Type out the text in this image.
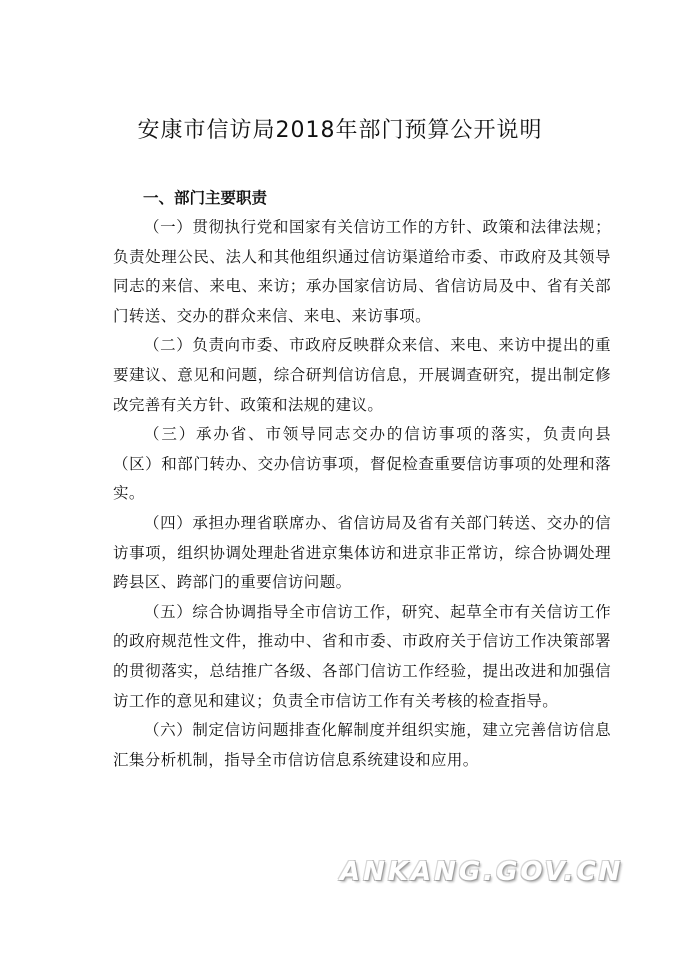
安康市信访局2018年部门预算公开说明
一、部门主要职责

（一）贯彻执行党和国家有关信访工作的方针、政策和法律法规；负责处理公民、法人和其他组织通过信访渠道给市委、市政府及其领导同志的来信、来电、来访；承办国家信访局、省信访局及中、省有关部门转送、交办的群众来信、来电、来访事项。

（二）负责向市委、市政府反映群众来信、来电、来访中提出的重要建议、意见和问题，综合研判信访信息，开展调查研究，提出制定修改完善有关方针、政策和法规的建议。

（三）承办省、市领导同志交办的信访事项的落实，负责向县（区）和部门转办、交办信访事项，督促检查重要信访事项的处理和落实。

（四）承担办理省联席办、省信访局及省有关部门转送、交办的信访事项，组织协调处理赴省进京集体访和进京非正常访，综合协调处理跨县区、跨部门的重要信访问题。

（五）综合协调指导全市信访工作，研究、起草全市有关信访工作的政府规范性文件，推动中、省和市委、市政府关于信访工作决策部署的贯彻落实，总结推广各级、各部门信访工作经验，提出改进和加强信访工作的意见和建议；负责全市信访工作有关考核的检查指导。

（六）制定信访问题排查化解制度并组织实施，建立完善信访信息汇集分析机制，指导全市信访信息系统建设和应用。

ANKANG.GOV.CN
